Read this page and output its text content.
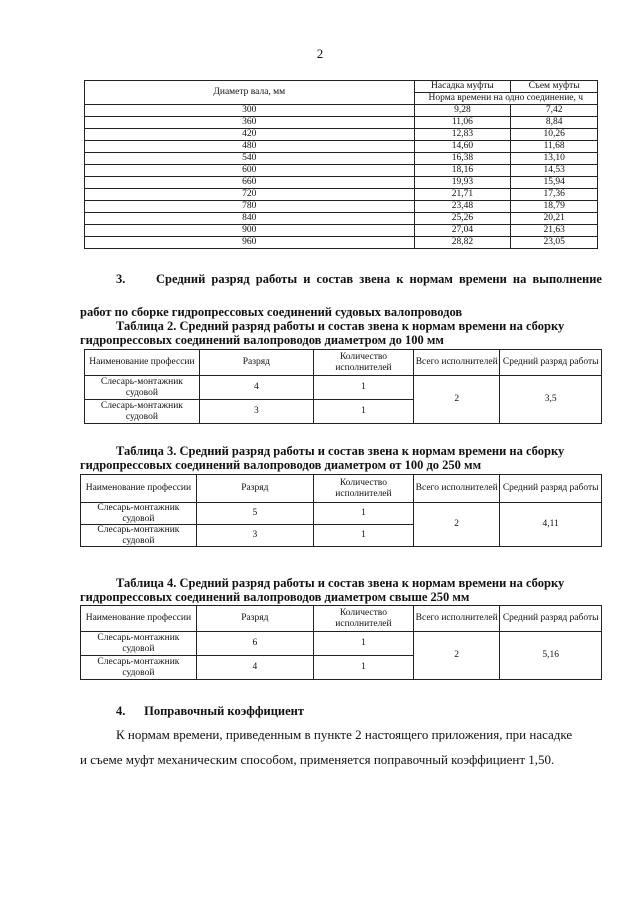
2
Диаметр вала, мм	Насадка муфты	Съем муфты
	Норма времени на одно соединение, ч	
300	9,28	7,42
360	11,06	8,84
420	12,83	10,26
480	14,60	11,68
540	16,38	13,10
600	18,16	14,53
660	19,93	15,94
720	21,71	17,36
780	23,48	18,79
840	25,26	20,21
900	27,04	21,63
960	28,82	23,05
3. Средний разряд работы и состав звена к нормам времени на выполнение
работ по сборке гидропрессовых соединений судовых валопроводов
Таблица 2. Средний разряд работы и состав звена к нормам времени на сборку
гидропрессовых соединений валопроводов диаметром до 100 мм
Наименование профессии	Разряд	Количество исполнителей	Всего исполнителей	Средний разряд работы
Слесарь-монтажник судовой	4	1	2	3,5
Слесарь-монтажник судовой	3	1		
Таблица 3. Средний разряд работы и состав звена к нормам времени на сборку
гидропрессовых соединений валопроводов диаметром от 100 до 250 мм
Наименование профессии	Разряд	Количество исполнителей	Всего исполнителей	Средний разряд работы
Слесарь-монтажник судовой	5	1	2	4,11
Слесарь-монтажник судовой	3	1		
Таблица 4. Средний разряд работы и состав звена к нормам времени на сборку
гидропрессовых соединений валопроводов диаметром свыше 250 мм
Наименование профессии	Разряд	Количество исполнителей	Всего исполнителей	Средний разряд работы
Слесарь-монтажник судовой	6	1	2	5,16
Слесарь-монтажник судовой	4	1		
4. Поправочный коэффициент
К нормам времени, приведенным в пункте 2 настоящего приложения, при насадке
и съеме муфт механическим способом, применяется поправочный коэффициент 1,50.
